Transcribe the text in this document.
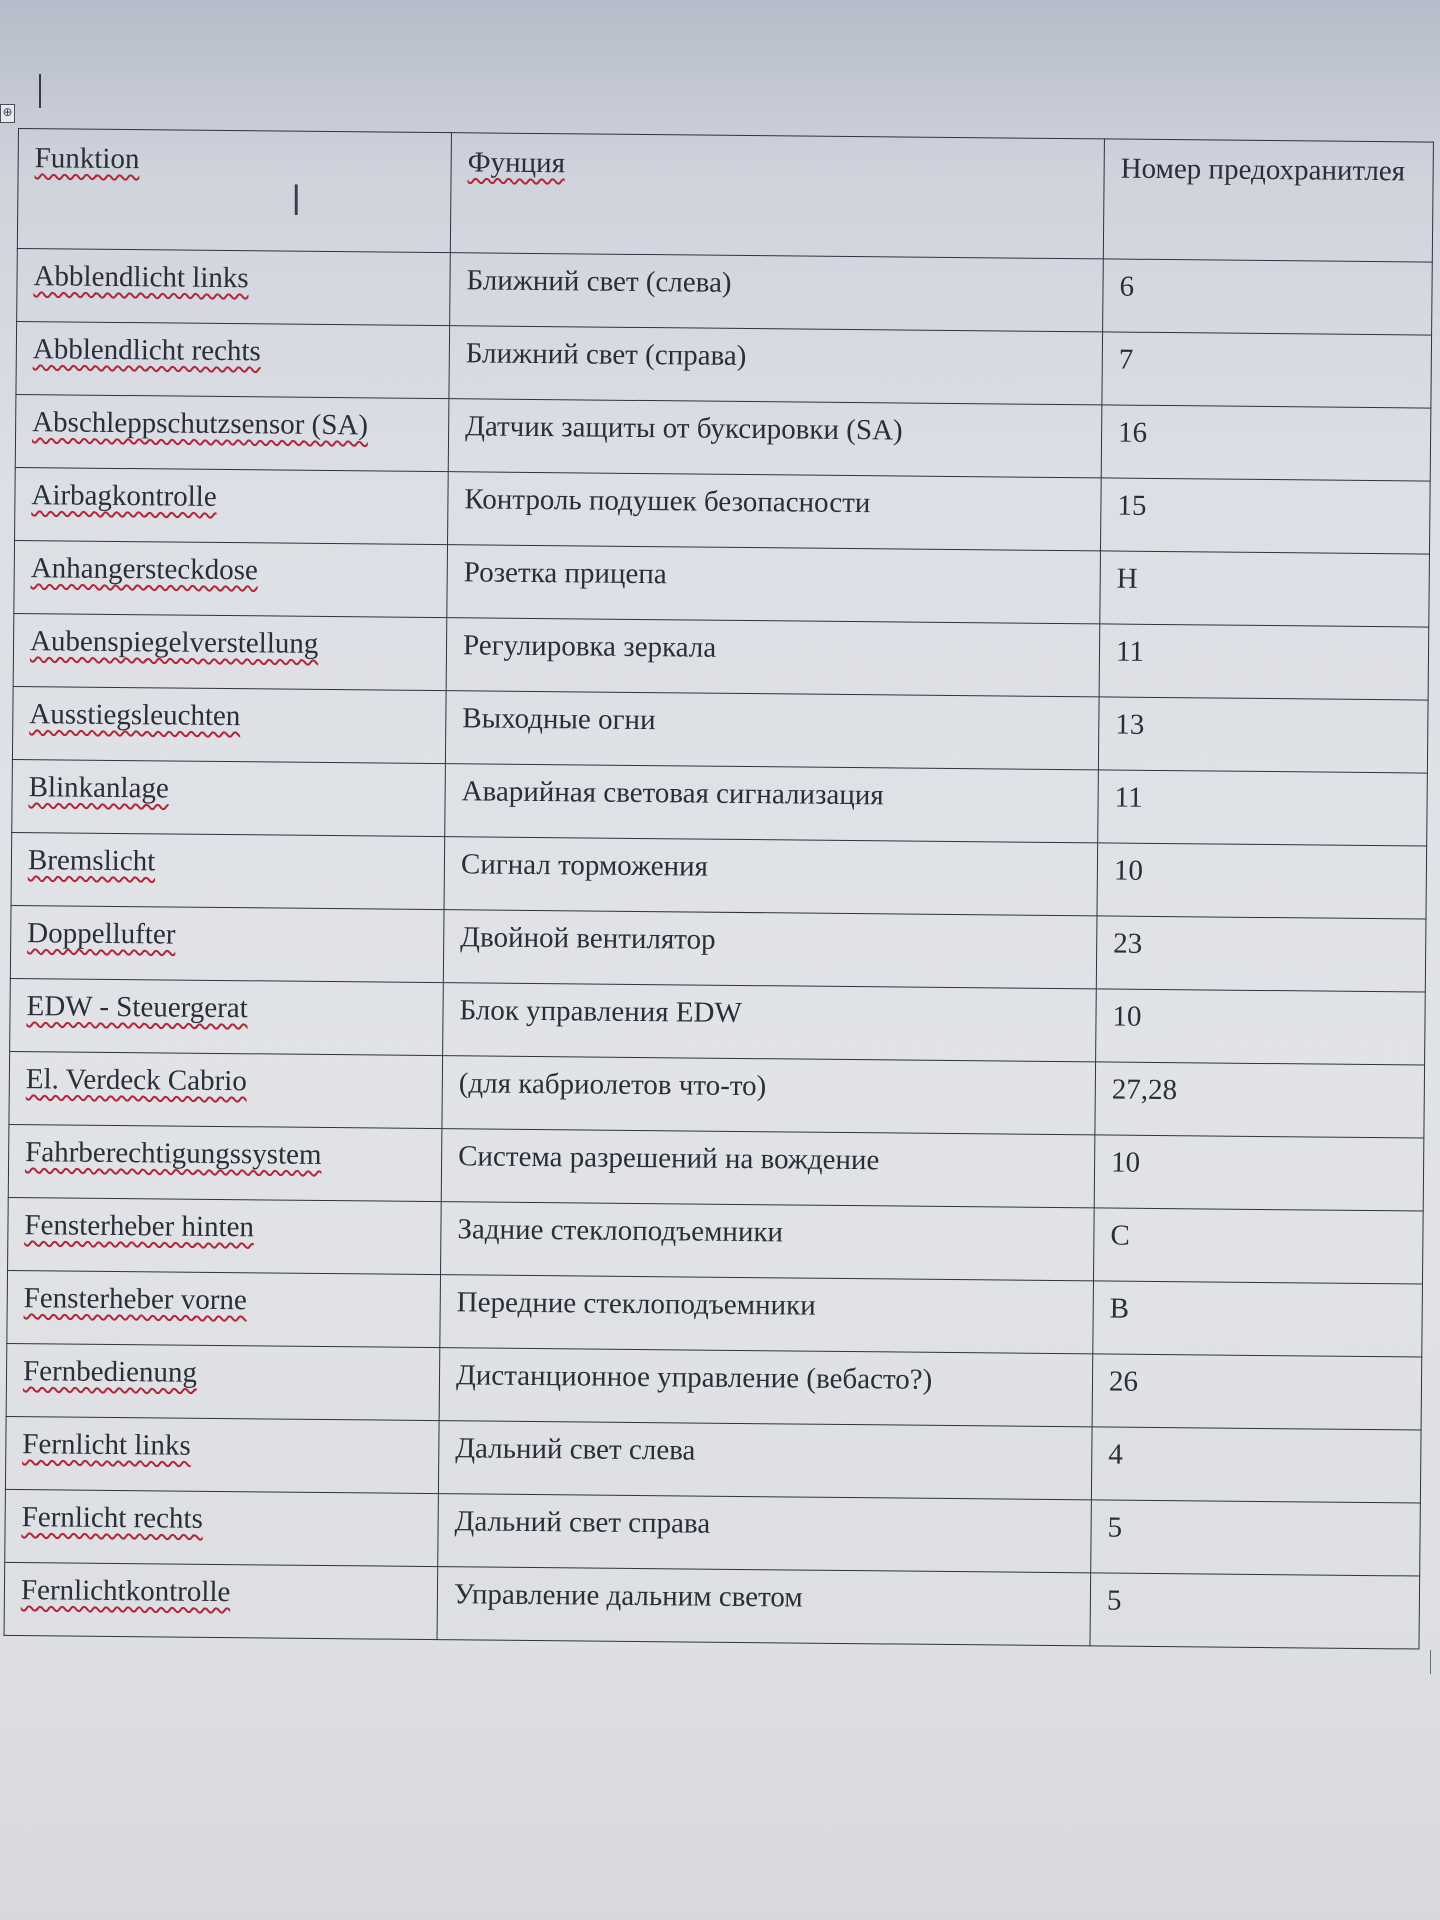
⊕
Funktion	Фунция	Номер предохранитлея
Abblendlicht links	Ближний свет (слева)	6
Abblendlicht rechts	Ближний свет (справа)	7
Abschleppschutzsensor (SA)	Датчик защиты от буксировки (SA)	16
Airbagkontrolle	Контроль подушек безопасности	15
Anhangersteckdose	Розетка прицепа	H
Aubenspiegelverstellung	Регулировка зеркала	11
Ausstiegsleuchten	Выходные огни	13
Blinkanlage	Аварийная световая сигнализация	11
Bremslicht	Сигнал торможения	10
Doppellufter	Двойной вентилятор	23
EDW - Steuergerat	Блок управления EDW	10
El. Verdeck Cabrio	(для кабриолетов что-то)	27,28
Fahrberechtigungssystem	Система разрешений на вождение	10
Fensterheber hinten	Задние стеклоподъемники	C
Fensterheber vorne	Передние стеклоподъемники	B
Fernbedienung	Дистанционное управление (вебасто?)	26
Fernlicht links	Дальний свет слева	4
Fernlicht rechts	Дальний свет справа	5
Fernlichtkontrolle	Управление дальним светом	5
I
